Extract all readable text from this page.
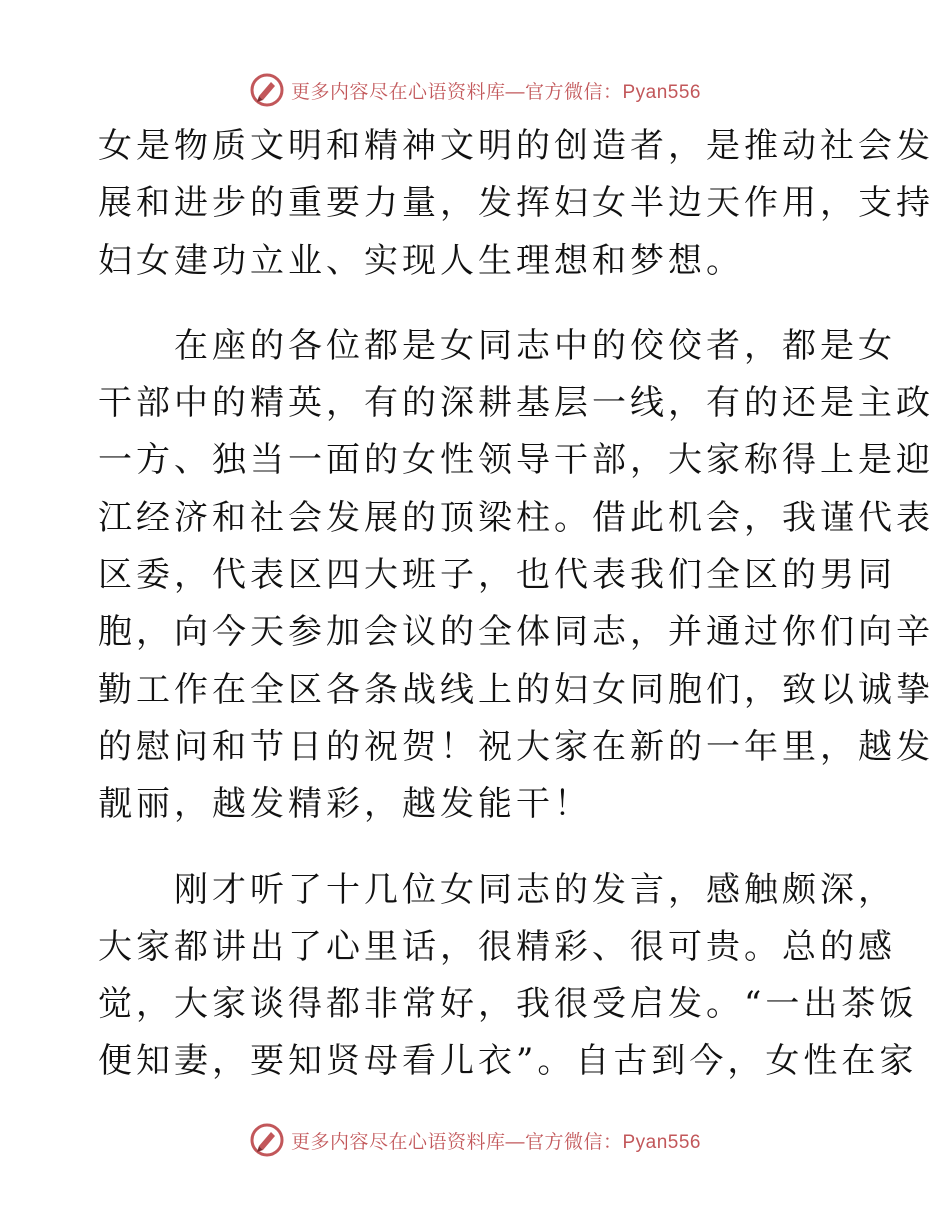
更多内容尽在心语资料库—官方微信：Pyan556
女是物质文明和精神文明的创造者，是推动社会发
展和进步的重要力量，发挥妇女半边天作用，支持
妇女建功立业、实现人生理想和梦想。
　　在座的各位都是女同志中的佼佼者，都是女
干部中的精英，有的深耕基层一线，有的还是主政
一方、独当一面的女性领导干部，大家称得上是迎
江经济和社会发展的顶梁柱。借此机会，我谨代表
区委，代表区四大班子，也代表我们全区的男同
胞，向今天参加会议的全体同志，并通过你们向辛
勤工作在全区各条战线上的妇女同胞们，致以诚挚
的慰问和节日的祝贺！祝大家在新的一年里，越发
靓丽，越发精彩，越发能干！
　　刚才听了十几位女同志的发言，感触颇深，
大家都讲出了心里话，很精彩、很可贵。总的感
觉，大家谈得都非常好，我很受启发。“一出茶饭
便知妻，要知贤母看儿衣”。自古到今，女性在家
更多内容尽在心语资料库—官方微信：Pyan556
